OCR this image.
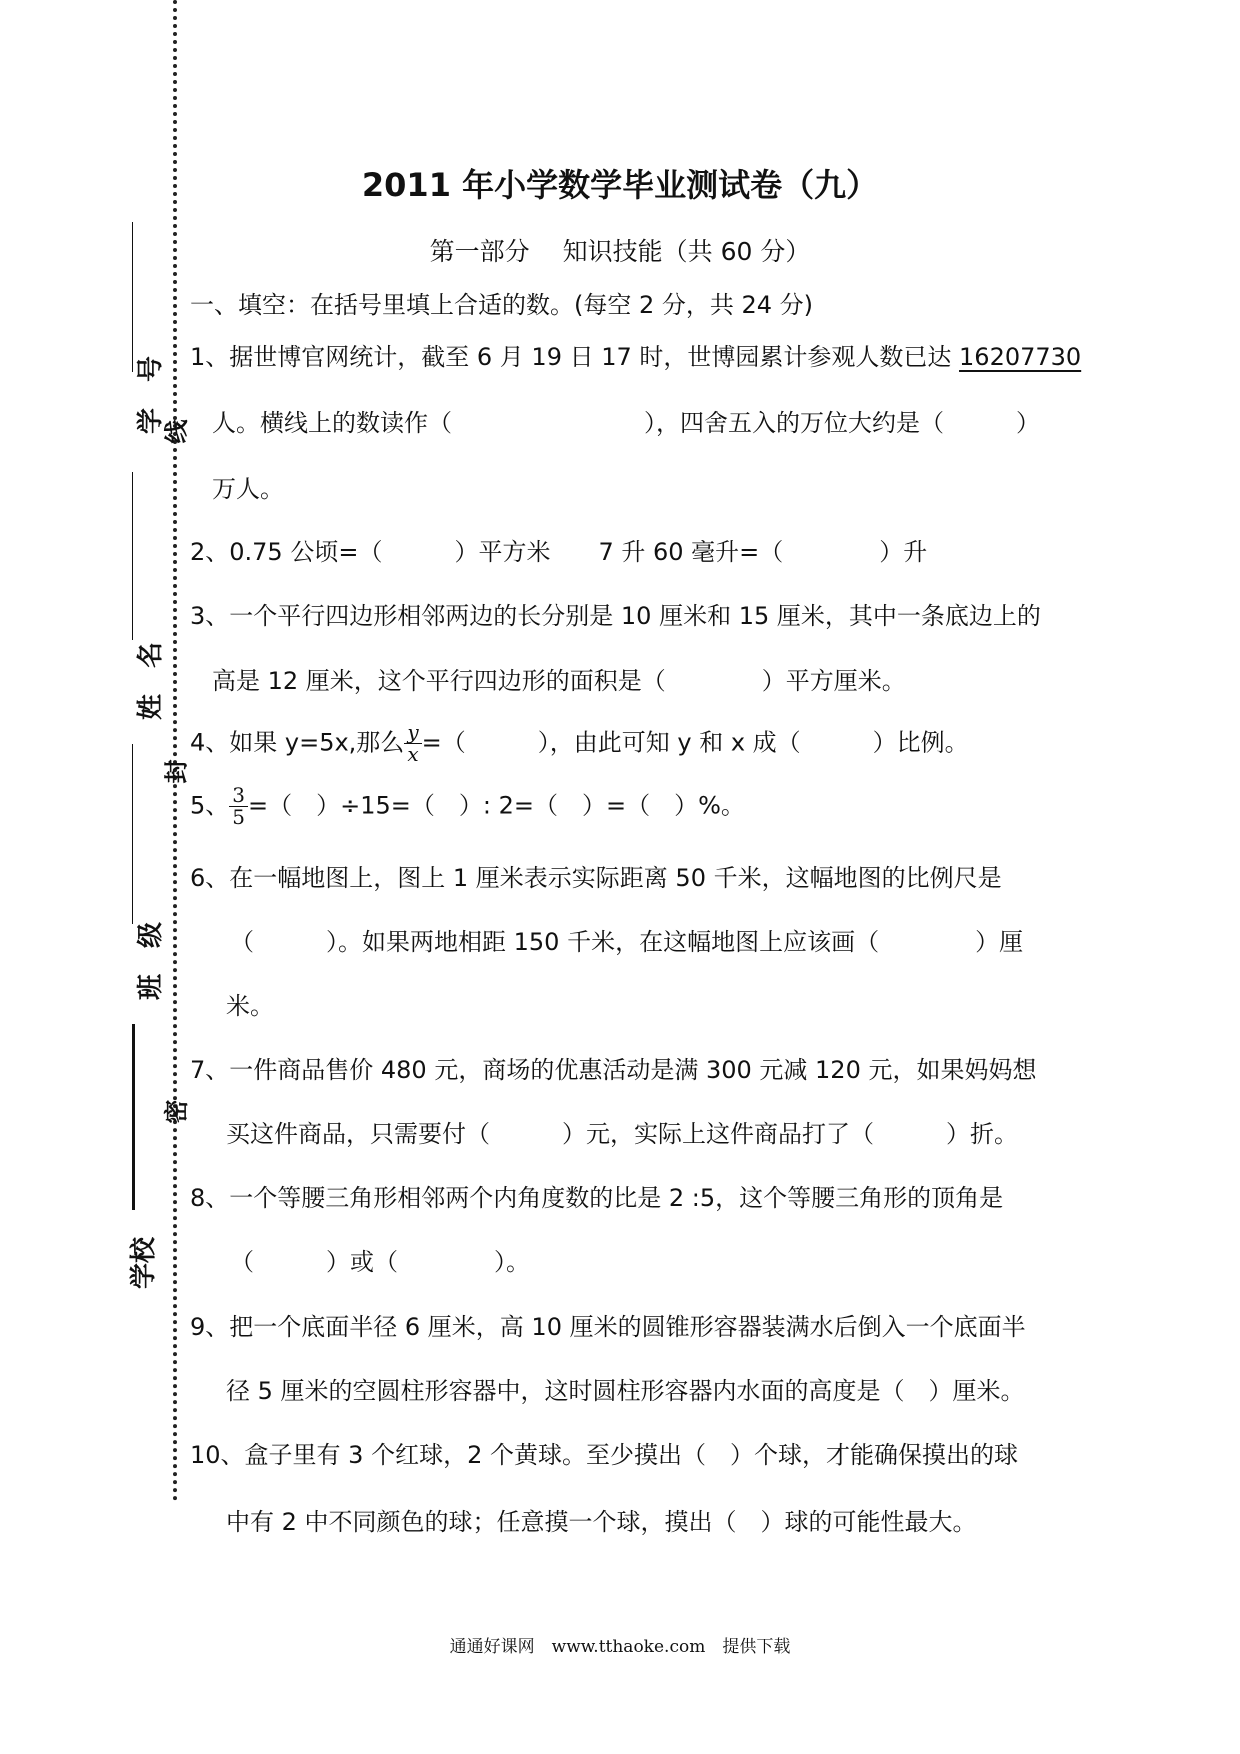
学　号
姓　名
班　级
学校
线
封
密
2011 年小学数学毕业测试卷（九）
第一部分　 知识技能（共 60 分）
一、填空：在括号里填上合适的数。(每空 2 分，共 24 分)
1、据世博官网统计，截至 6 月 19 日 17 时，世博园累计参观人数已达 16207730
人。横线上的数读作（　　　　　　　　），四舍五入的万位大约是（　　　）
万人。
2、0.75 公顷=（　　　）平方米　　7 升 60 毫升=（　　　　）升
3、一个平行四边形相邻两边的长分别是 10 厘米和 15 厘米，其中一条底边上的
高是 12 厘米，这个平行四边形的面积是（　　　　）平方厘米。
4、如果 y=5x,那么 $\frac{y}{x}$ =（　　　），由此可知 y 和 x 成（　　　）比例。
5、 $\frac{3}{5}$ =（　）÷15=（　）: 2=（　）=（　）%。
6、在一幅地图上，图上 1 厘米表示实际距离 50 千米，这幅地图的比例尺是
（　　　）。如果两地相距 150 千米，在这幅地图上应该画（　　　　）厘
米。
7、一件商品售价 480 元，商场的优惠活动是满 300 元减 120 元，如果妈妈想
买这件商品，只需要付（　　　）元，实际上这件商品打了（　　　）折。
8、一个等腰三角形相邻两个内角度数的比是 2 :5，这个等腰三角形的顶角是
（　　　）或（　　　　）。
9、把一个底面半径 6 厘米，高 10 厘米的圆锥形容器装满水后倒入一个底面半
径 5 厘米的空圆柱形容器中，这时圆柱形容器内水面的高度是（　）厘米。
10、盒子里有 3 个红球，2 个黄球。至少摸出（　）个球，才能确保摸出的球
中有 2 中不同颜色的球；任意摸一个球，摸出（　）球的可能性最大。
通通好课网　www.tthaoke.com　提供下载
